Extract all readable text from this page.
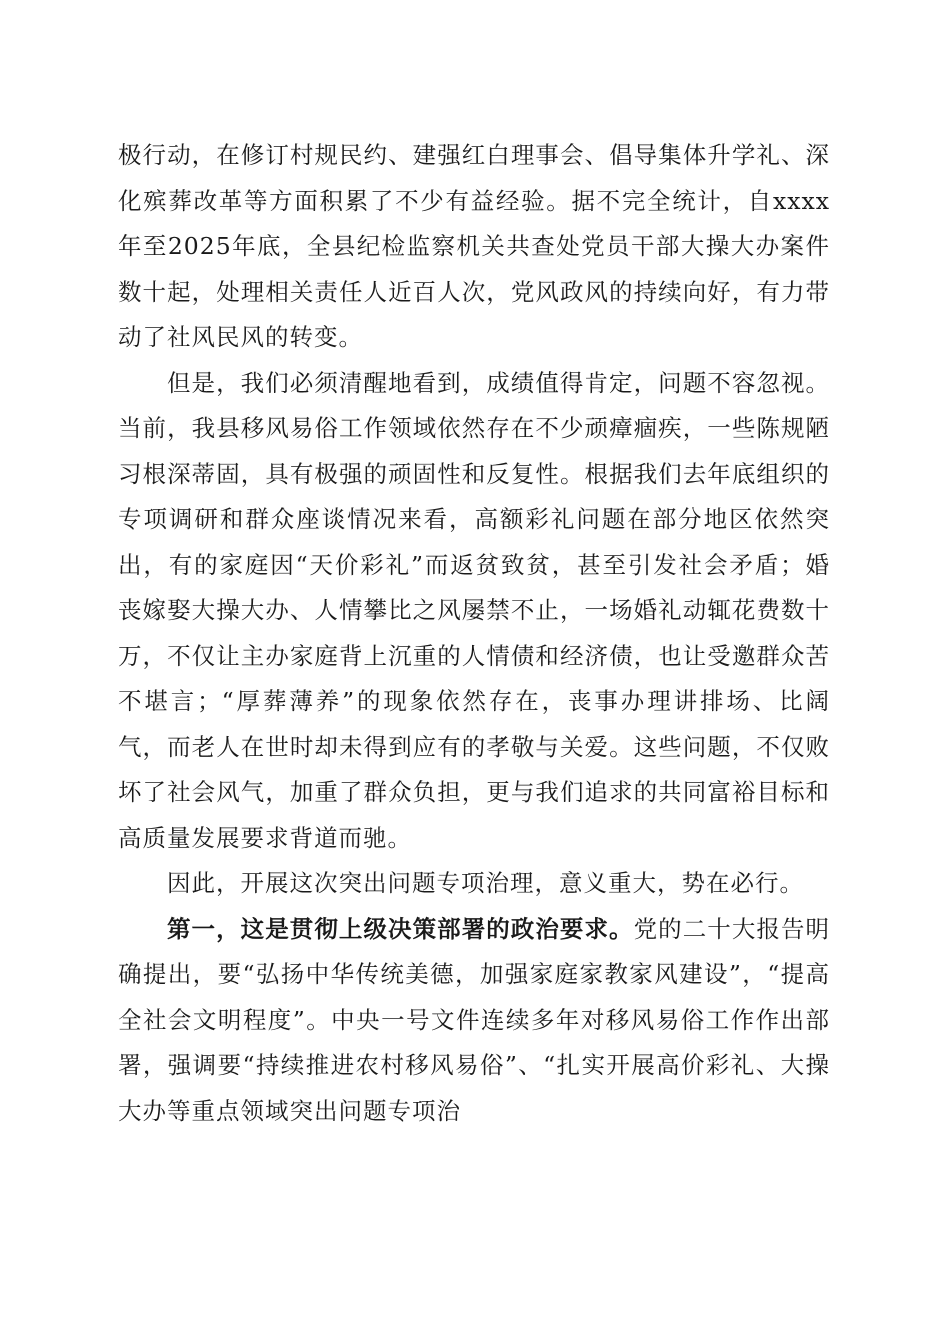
极行动，在修订村规民约、建强红白理事会、倡导集体升学礼、深化殡葬改革等方面积累了不少有益经验。据不完全统计，自xxxx年至2025年底，全县纪检监察机关共查处党员干部大操大办案件数十起，处理相关责任人近百人次，党风政风的持续向好，有力带动了社风民风的转变。

但是，我们必须清醒地看到，成绩值得肯定，问题不容忽视。当前，我县移风易俗工作领域依然存在不少顽瘴痼疾，一些陈规陋习根深蒂固，具有极强的顽固性和反复性。根据我们去年底组织的专项调研和群众座谈情况来看，高额彩礼问题在部分地区依然突出，有的家庭因“天价彩礼”而返贫致贫，甚至引发社会矛盾；婚丧嫁娶大操大办、人情攀比之风屡禁不止，一场婚礼动辄花费数十万，不仅让主办家庭背上沉重的人情债和经济债，也让受邀群众苦不堪言；“厚葬薄养”的现象依然存在，丧事办理讲排场、比阔气，而老人在世时却未得到应有的孝敬与关爱。这些问题，不仅败坏了社会风气，加重了群众负担，更与我们追求的共同富裕目标和高质量发展要求背道而驰。

因此，开展这次突出问题专项治理，意义重大，势在必行。

第一，这是贯彻上级决策部署的政治要求。党的二十大报告明确提出，要“弘扬中华传统美德，加强家庭家教家风建设”，“提高全社会文明程度”。中央一号文件连续多年对移风易俗工作作出部署，强调要“持续推进农村移风易俗”、“扎实开展高价彩礼、大操大办等重点领域突出问题专项治
